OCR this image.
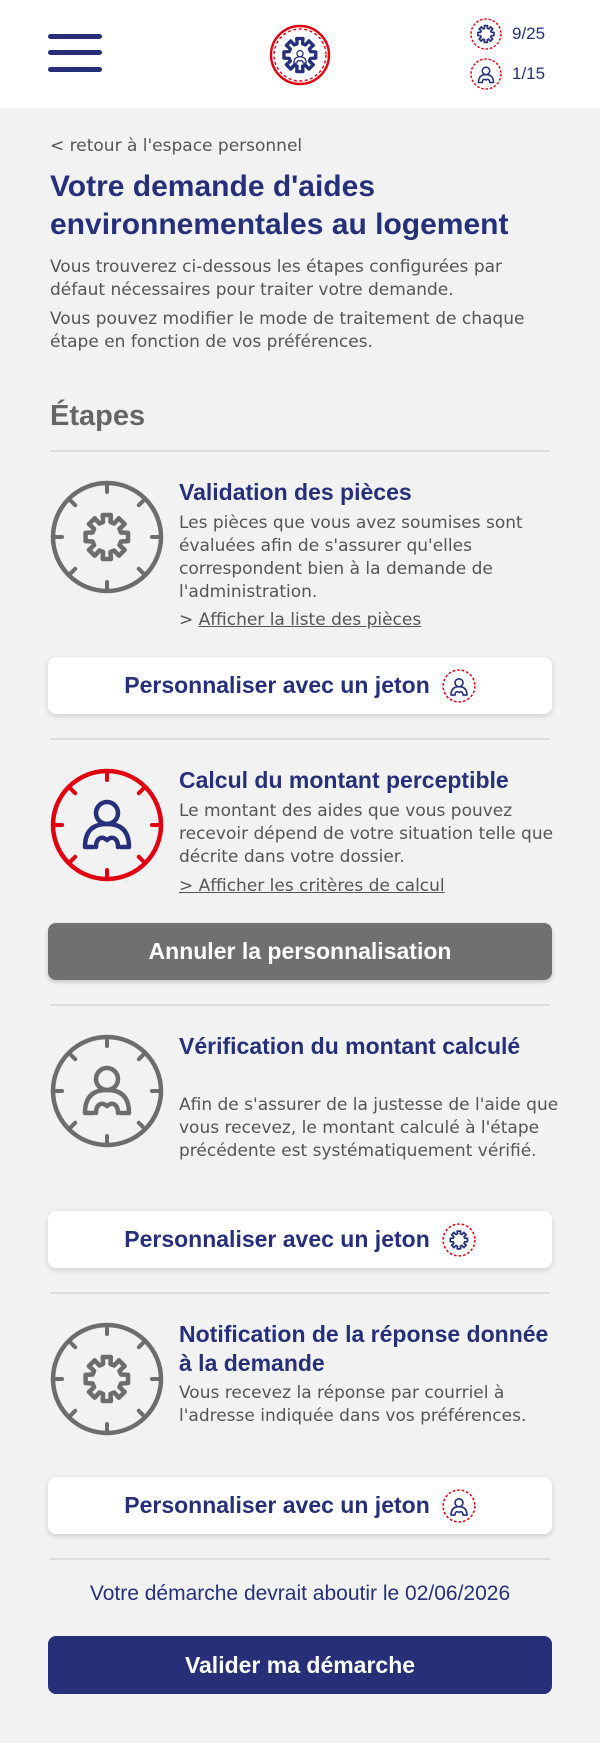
9/25
1/15
< retour à l'espace personnel
Votre demande d'aides environnementales au logement

Vous trouverez ci-dessous les étapes configurées par défaut nécessaires pour traiter votre demande.

Vous pouvez modifier le mode de traitement de chaque étape en fonction de vos préférences.

Étapes
Validation des pièces
Les pièces que vous avez soumises sont évaluées afin de s'assurer qu'elles correspondent bien à la demande de l'administration.
> Afficher la liste des pièces
Personnaliser avec un jeton
Calcul du montant perceptible
Le montant des aides que vous pouvez recevoir dépend de votre situation telle que décrite dans votre dossier.
> Afficher les critères de calcul
Annuler la personnalisation
Vérification du montant calculé
Afin de s'assurer de la justesse de l'aide que vous recevez, le montant calculé à l'étape précédente est systématiquement vérifié.
Personnaliser avec un jeton
Notification de la réponse donnée à la demande
Vous recevez la réponse par courriel à l'adresse indiquée dans vos préférences.
Personnaliser avec un jeton
Votre démarche devrait aboutir le 02/06/2026
Valider ma démarche
